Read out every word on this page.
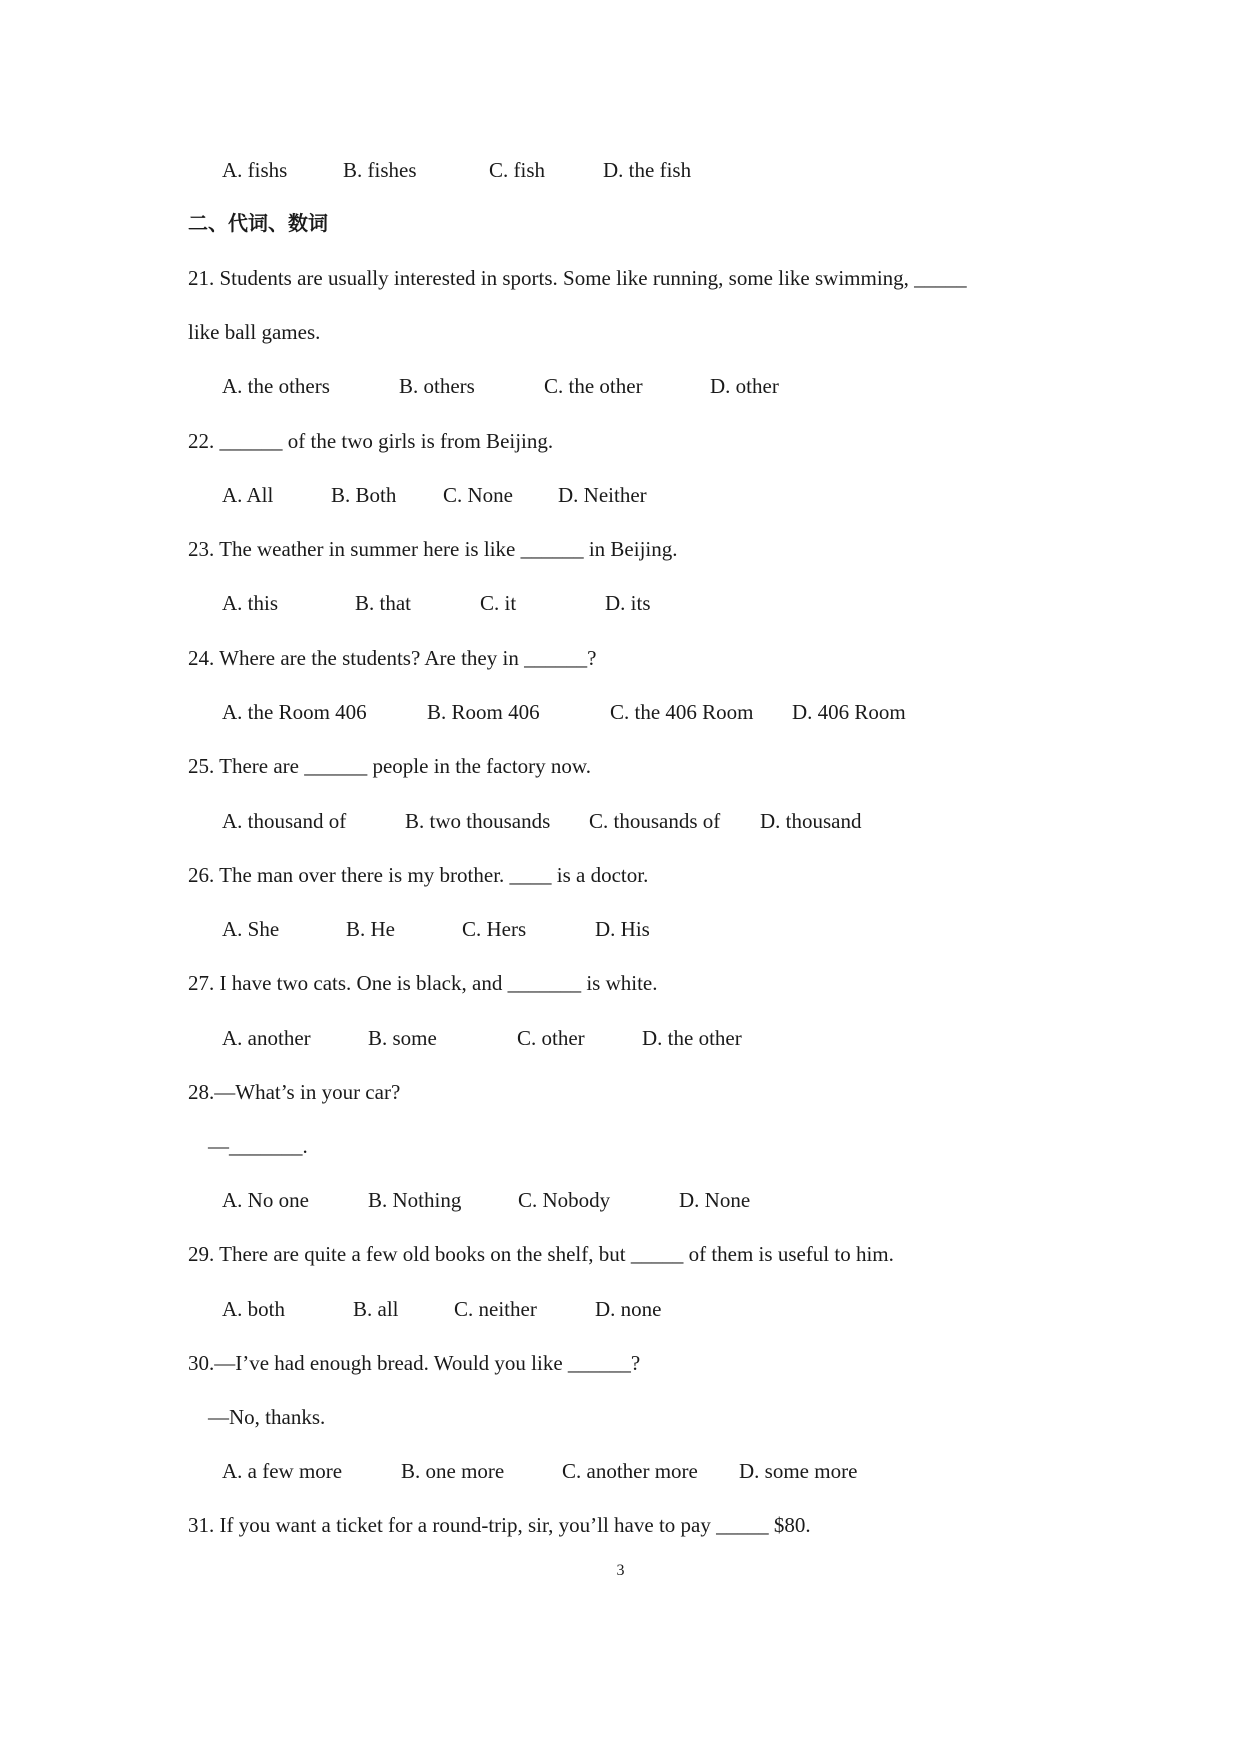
A. fishs	B. fishes	C. fish	D. the fish
二、代词、数词
21. Students are usually interested in sports. Some like running, some like swimming, _____
like ball games.
A. the others	B. others	C. the other	D. other
22. ______ of the two girls is from Beijing.
A. All	B. Both C. None D. Neither
23. The weather in summer here is like ______ in Beijing.
A. this	B. that	C. it	D. its
24. Where are the students? Are they in ______?
A. the Room 406	B. Room 406	C. the 406 Room D. 406 Room
25. There are ______ people in the factory now.
A. thousand of	B. two thousands C. thousands of D. thousand
26. The man over there is my brother. ____ is a doctor.
A. She	B. He	C. Hers	D. His
27. I have two cats. One is black, and _______ is white.
A. another	B. some	C. other	D. the other
28.—What’s in your car?
—_______.
A. No one	B. Nothing	C. Nobody	D. None
29. There are quite a few old books on the shelf, but _____ of them is useful to him.
A. both	B. all	C. neither	D. none
30.—I’ve had enough bread. Would you like ______?
—No, thanks.
A. a few more	B. one more	C. another more D. some more
31. If you want a ticket for a round-trip, sir, you’ll have to pay _____ $80.
3
